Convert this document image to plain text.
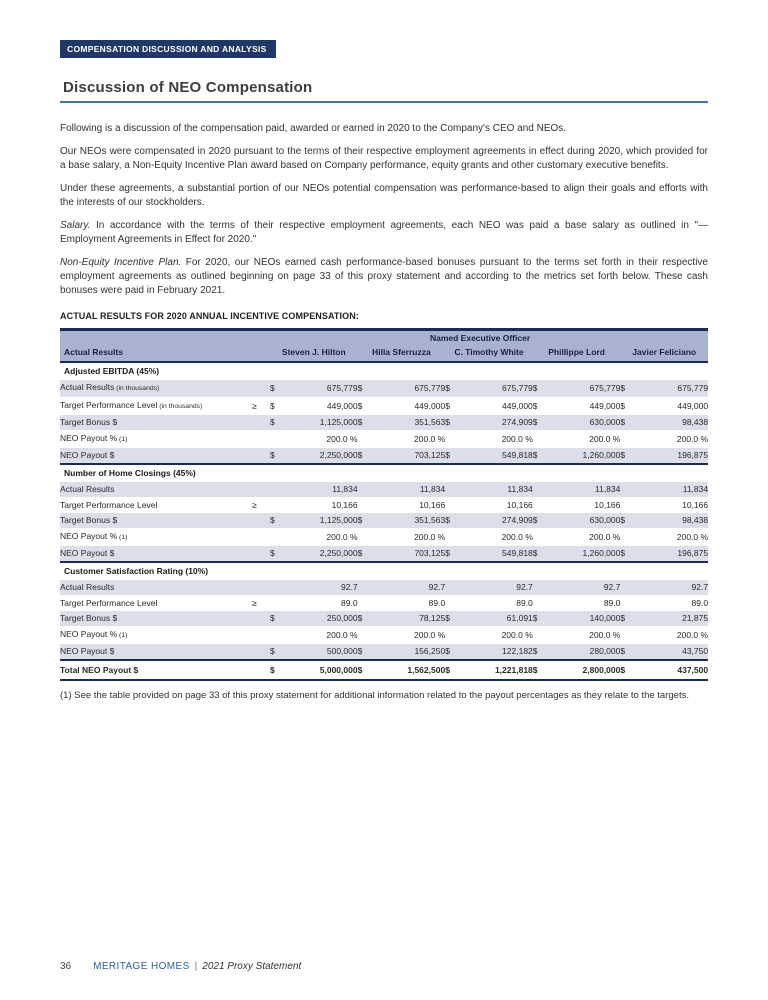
COMPENSATION DISCUSSION AND ANALYSIS
Discussion of NEO Compensation

Following is a discussion of the compensation paid, awarded or earned in 2020 to the Company's CEO and NEOs.

Our NEOs were compensated in 2020 pursuant to the terms of their respective employment agreements in effect during 2020, which provided for a base salary, a Non-Equity Incentive Plan award based on Company performance, equity grants and other customary executive benefits.

Under these agreements, a substantial portion of our NEOs potential compensation was performance-based to align their goals and efforts with the interests of our stockholders.

Salary. In accordance with the terms of their respective employment agreements, each NEO was paid a base salary as outlined in "— Employment Agreements in Effect for 2020."

Non-Equity Incentive Plan. For 2020, our NEOs earned cash performance-based bonuses pursuant to the terms set forth in their respective employment agreements as outlined beginning on page 33 of this proxy statement and according to the metrics set forth below. These cash bonuses were paid in February 2021.

ACTUAL RESULTS FOR 2020 ANNUAL INCENTIVE COMPENSATION:
	Named Executive Officer										
Actual Results		Steven J. Hilton		Hilla Sferruzza		C. Timothy White		Phillippe Lord		Javier Feliciano	
Adjusted EBITDA (45%)											
Actual Results (in thousands)		$	675,779	$	675,779	$	675,779	$	675,779	$	675,779
Target Performance Level (in thousands)	≥	$	449,000	$	449,000	$	449,000	$	449,000	$	449,000
Target Bonus $		$	1,125,000	$	351,563	$	274,909	$	630,000	$	98,438
NEO Payout % (1)			200.0 %		200.0 %		200.0 %		200.0 %		200.0 %
NEO Payout $		$	2,250,000	$	703,125	$	549,818	$	1,260,000	$	196,875
Number of Home Closings (45%)											
Actual Results			11,834		11,834		11,834		11,834		11,834
Target Performance Level	≥		10,166		10,166		10,166		10,166		10,166
Target Bonus $		$	1,125,000	$	351,563	$	274,909	$	630,000	$	98,438
NEO Payout % (1)			200.0 %		200.0 %		200.0 %		200.0 %		200.0 %
NEO Payout $		$	2,250,000	$	703,125	$	549,818	$	1,260,000	$	196,875
Customer Satisfaction Rating (10%)											
Actual Results			92.7		92.7		92.7		92.7		92.7
Target Performance Level	≥		89.0		89.0		89.0		89.0		89.0
Target Bonus $		$	250,000	$	78,125	$	61,091	$	140,000	$	21,875
NEO Payout % (1)			200.0 %		200.0 %		200.0 %		200.0 %		200.0 %
NEO Payout $		$	500,000	$	156,250	$	122,182	$	280,000	$	43,750
Total NEO Payout $		$	5,000,000	$	1,562,500	$	1,221,818	$	2,800,000	$	437,500
(1) See the table provided on page 33 of this proxy statement for additional information related to the payout percentages as they relate to the targets.
36 MERITAGE HOMES | 2021 Proxy Statement
